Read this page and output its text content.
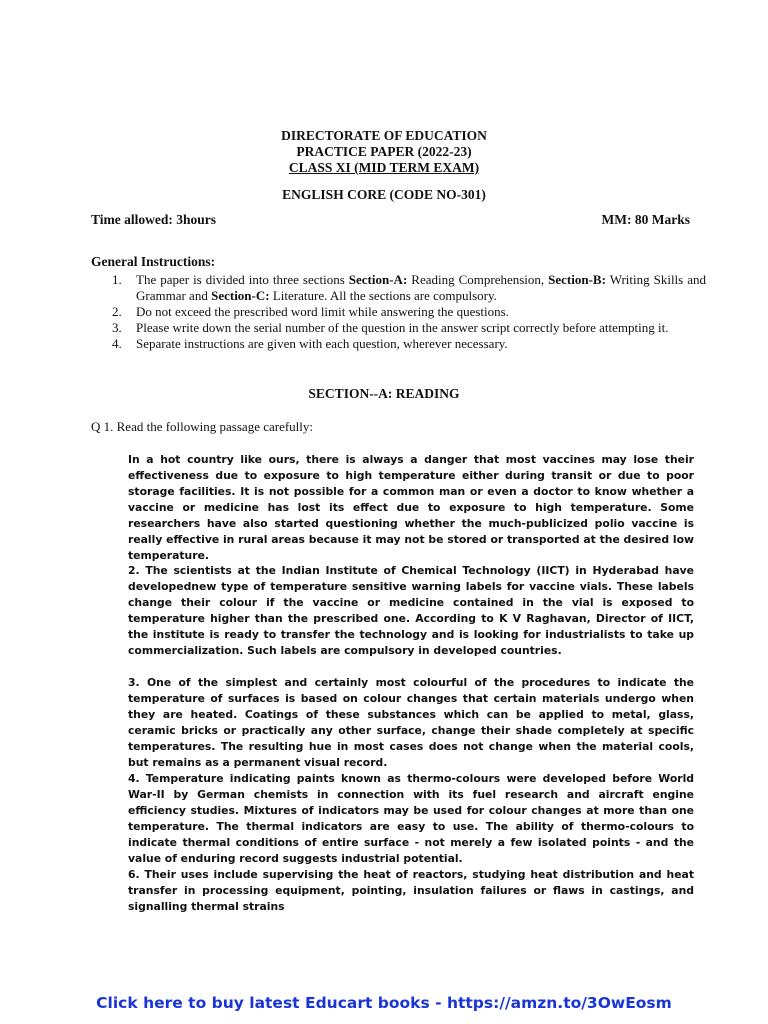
DIRECTORATE OF EDUCATION
PRACTICE PAPER (2022-23)
CLASS XI (MID TERM EXAM)
ENGLISH CORE (CODE NO-301)
Time allowed: 3hours	MM: 80 Marks
General Instructions:
1. The paper is divided into three sections Section-A: Reading Comprehension, Section-B: Writing Skills and Grammar and Section-C: Literature. All the sections are compulsory.
2. Do not exceed the prescribed word limit while answering the questions.
3. Please write down the serial number of the question in the answer script correctly before attempting it.
4. Separate instructions are given with each question, wherever necessary.
SECTION--A: READING
Q 1. Read the following passage carefully:
In a hot country like ours, there is always a danger that most vaccines may lose their effectiveness due to exposure to high temperature either during transit or due to poor storage facilities. It is not possible for a common man or even a doctor to know whether a vaccine or medicine has lost its effect due to exposure to high temperature. Some researchers have also started questioning whether the much-publicized polio vaccine is really effective in rural areas because it may not be stored or transported at the desired low temperature.
2. The scientists at the Indian Institute of Chemical Technology (IICT) in Hyderabad have developednew type of temperature sensitive warning labels for vaccine vials. These labels change their colour if the vaccine or medicine contained in the vial is exposed to temperature higher than the prescribed one. According to K V Raghavan, Director of IICT, the institute is ready to transfer the technology and is looking for industrialists to take up commercialization. Such labels are compulsory in developed countries.
3. One of the simplest and certainly most colourful of the procedures to indicate the temperature of surfaces is based on colour changes that certain materials undergo when they are heated. Coatings of these substances which can be applied to metal, glass, ceramic bricks or practically any other surface, change their shade completely at specific temperatures. The resulting hue in most cases does not change when the material cools, but remains as a permanent visual record.
4. Temperature indicating paints known as thermo-colours were developed before World War-II by German chemists in connection with its fuel research and aircraft engine efficiency studies. Mixtures of indicators may be used for colour changes at more than one temperature. The thermal indicators are easy to use. The ability of thermo-colours to indicate thermal conditions of entire surface - not merely a few isolated points - and the value of enduring record suggests industrial potential.
6. Their uses include supervising the heat of reactors, studying heat distribution and heat transfer in processing equipment, pointing, insulation failures or flaws in castings, and signalling thermal strains
Click here to buy latest Educart books - https://amzn.to/3OwEosm
